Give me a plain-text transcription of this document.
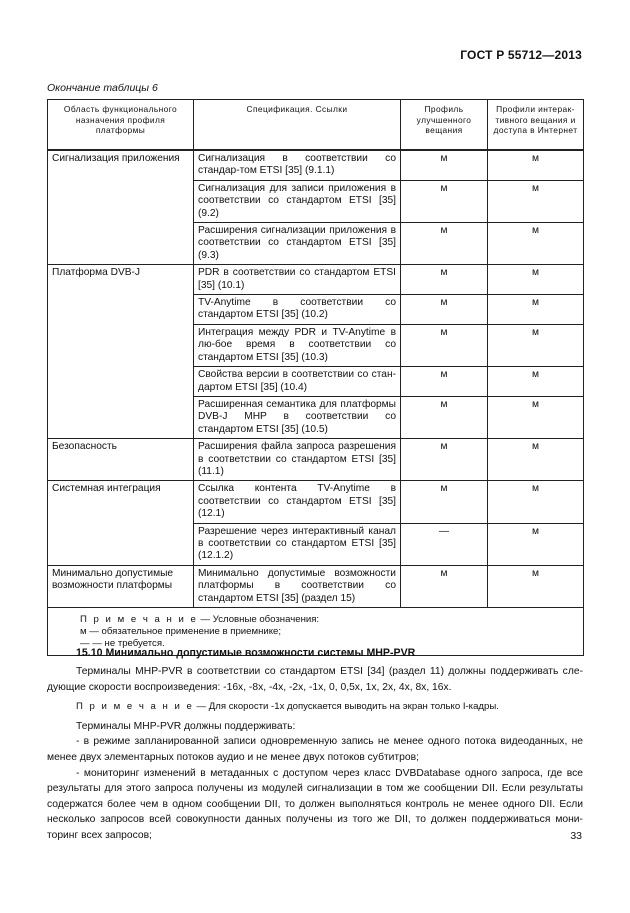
ГОСТ Р 55712—2013
Окончание таблицы 6
Область функционального назначения профиля платформы	Спецификация. Ссылки	Профиль улучшенного вещания	Профили интерак-тивного вещания и доступа в Интернет
Сигнализация приложения	Сигнализация в соответствии со стандар-том ETSI [35] (9.1.1)	м	м
	Сигнализация для записи приложения в соответствии со стандартом ETSI [35] (9.2)	м	м
	Расширения сигнализации приложения в соответствии со стандартом ETSI [35] (9.3)	м	м
Платформа DVB-J	PDR в соответствии со стандартом ETSI [35] (10.1)	м	м
	TV-Anytime в соответствии со стандартом ETSI [35] (10.2)	м	м
	Интеграция между PDR и TV-Anytime в лю-бое время в соответствии со стандартом ETSI [35] (10.3)	м	м
	Свойства версии в соответствии со стан-дартом ETSI [35] (10.4)	м	м
	Расширенная семантика для платформы DVB-J MHP в соответствии со стандартом ETSI [35] (10.5)	м	м
Безопасность	Расширения файла запроса разрешения в соответствии со стандартом ETSI [35] (11.1)	м	м
Системная интеграция	Ссылка контента TV-Anytime в соответствии со стандартом ETSI [35] (12.1)	м	м
	Разрешение через интерактивный канал в соответствии со стандартом ETSI [35] (12.1.2)	—	м
Минимально допустимые возможности платформы	Минимально допустимые возможности платформы в соответствии со стандартом ETSI [35] (раздел 15)	м	м

П р и м е ч а н и е — Условные обозначения:
м — обязательное применение в приемнике;
— — не требуется.			
15.10 Минимально допустимые возможности системы MHP-PVR

Терминалы MHP-PVR в соответствии со стандартом ETSI [34] (раздел 11) должны поддерживать сле-дующие скорости воспроизведения: -16x, -8x, -4x, -2x, -1x, 0, 0,5x, 1x, 2x, 4x, 8x, 16x.

П р и м е ч а н и е — Для скорости -1x допускается выводить на экран только I-кадры.

Терминалы MHP-PVR должны поддерживать:

- в режиме запланированной записи одновременную запись не менее одного потока видеоданных, не менее двух элементарных потоков аудио и не менее двух потоков субтитров;

- мониторинг изменений в метаданных с доступом через класс DVBDatabase одного запроса, где все результаты для этого запроса получены из модулей сигнализации в том же сообщении DII. Если результаты содержатся более чем в одном сообщении DII, то должен выполняться контроль не менее одного DII. Если несколько запросов всей совокупности данных получены из того же DII, то должен поддерживаться мони-торинг всех запросов;	33
